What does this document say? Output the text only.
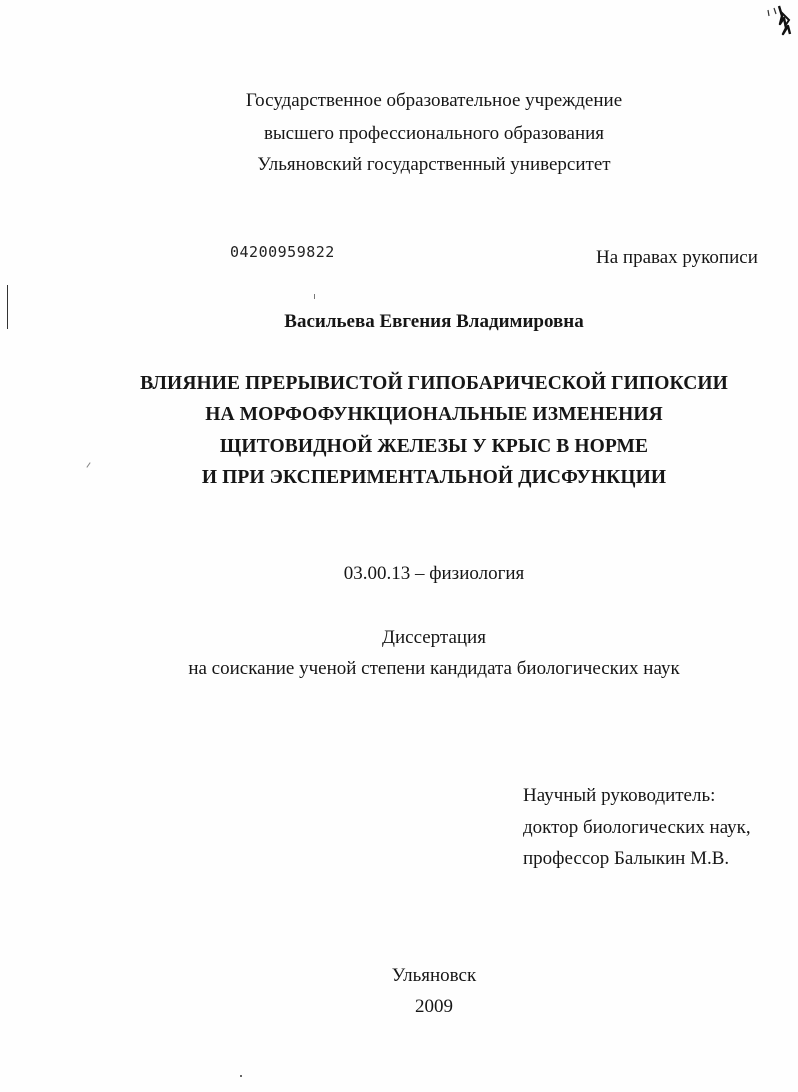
Государственное образовательное учреждение
высшего профессионального образования
Ульяновский государственный университет
04200959822	На правах рукописи
Васильева Евгения Владимировна
ВЛИЯНИЕ ПРЕРЫВИСТОЙ ГИПОБАРИЧЕСКОЙ ГИПОКСИИ
НА МОРФОФУНКЦИОНАЛЬНЫЕ ИЗМЕНЕНИЯ
ЩИТОВИДНОЙ ЖЕЛЕЗЫ У КРЫС В НОРМЕ
И ПРИ ЭКСПЕРИМЕНТАЛЬНОЙ ДИСФУНКЦИИ
03.00.13 – физиология
Диссертация
на соискание ученой степени кандидата биологических наук
Научный руководитель:
доктор биологических наук,
профессор Балыкин М.В.
Ульяновск
2009
